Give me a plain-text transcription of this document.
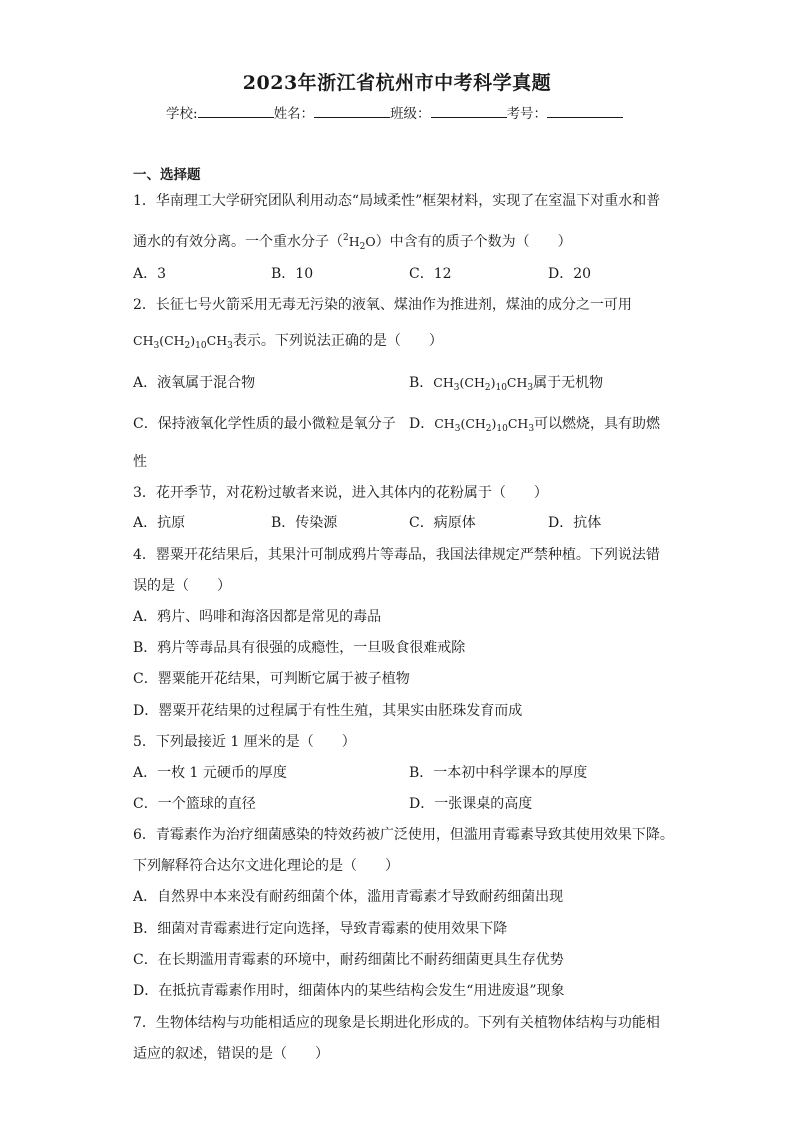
2023年浙江省杭州市中考科学真题
学校:	姓名：	班级：	考号：
一、选择题
1．华南理工大学研究团队利用动态“局域柔性”框架材料，实现了在室温下对重水和普
通水的有效分离。一个重水分子$(^2H_2O)$中含有的质子个数为（　　）
A．3	B．10	C．12	D．20
2．长征七号火箭采用无毒无污染的液氧、煤油作为推进剂，煤油的成分之一可用
$CH_3(CH_2)_{10}CH_3$表示。下列说法正确的是（　　）
A．液氧属于混合物	B．$CH_3(CH_2)_{10}CH_3$属于无机物
C．保持液氧化学性质的最小微粒是氧分子 D．$CH_3(CH_2)_{10}CH_3$可以燃烧，具有助燃
性
3．花开季节，对花粉过敏者来说，进入其体内的花粉属于（　　）
A．抗原	B．传染源	C．病原体	D．抗体
4．罂粟开花结果后，其果汁可制成鸦片等毒品，我国法律规定严禁种植。下列说法错
误的是（　　）
A．鸦片、吗啡和海洛因都是常见的毒品
B．鸦片等毒品具有很强的成瘾性，一旦吸食很难戒除
C．罂粟能开花结果，可判断它属于被子植物
D．罂粟开花结果的过程属于有性生殖，其果实由胚珠发育而成
5．下列最接近 1 厘米的是（　　）
A．一枚 1 元硬币的厚度	B．一本初中科学课本的厚度
C．一个篮球的直径	D．一张课桌的高度
6．青霉素作为治疗细菌感染的特效药被广泛使用，但滥用青霉素导致其使用效果下降。
下列解释符合达尔文进化理论的是（　　）
A．自然界中本来没有耐药细菌个体，滥用青霉素才导致耐药细菌出现
B．细菌对青霉素进行定向选择，导致青霉素的使用效果下降
C．在长期滥用青霉素的环境中，耐药细菌比不耐药细菌更具生存优势
D．在抵抗青霉素作用时，细菌体内的某些结构会发生“用进废退”现象
7．生物体结构与功能相适应的现象是长期进化形成的。下列有关植物体结构与功能相
适应的叙述，错误的是（　　）
